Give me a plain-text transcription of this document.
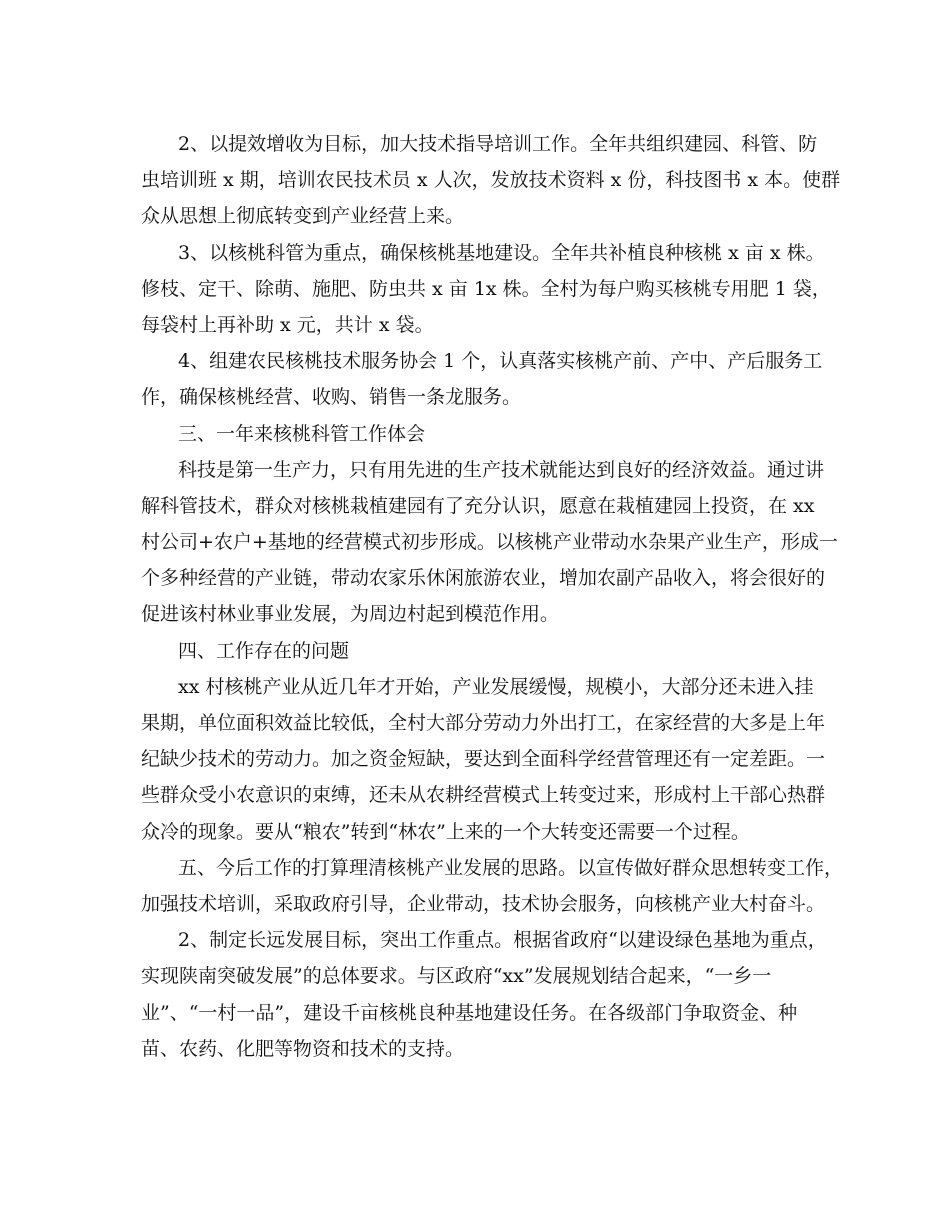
2、以提效增收为目标，加大技术指导培训工作。全年共组织建园、科管、防
虫培训班 x 期，培训农民技术员 x 人次，发放技术资料 x 份，科技图书 x 本。使群
众从思想上彻底转变到产业经营上来。
3、以核桃科管为重点，确保核桃基地建设。全年共补植良种核桃 x 亩 x 株。
修枝、定干、除萌、施肥、防虫共 x 亩 1x 株。全村为每户购买核桃专用肥 1 袋，
每袋村上再补助 x 元，共计 x 袋。
4、组建农民核桃技术服务协会 1 个，认真落实核桃产前、产中、产后服务工
作，确保核桃经营、收购、销售一条龙服务。
三、一年来核桃科管工作体会
科技是第一生产力，只有用先进的生产技术就能达到良好的经济效益。通过讲
解科管技术，群众对核桃栽植建园有了充分认识，愿意在栽植建园上投资，在 xx
村公司+农户+基地的经营模式初步形成。以核桃产业带动水杂果产业生产，形成一
个多种经营的产业链，带动农家乐休闲旅游农业，增加农副产品收入，将会很好的
促进该村林业事业发展，为周边村起到模范作用。
四、工作存在的问题
xx 村核桃产业从近几年才开始，产业发展缓慢，规模小，大部分还未进入挂
果期，单位面积效益比较低，全村大部分劳动力外出打工，在家经营的大多是上年
纪缺少技术的劳动力。加之资金短缺，要达到全面科学经营管理还有一定差距。一
些群众受小农意识的束缚，还未从农耕经营模式上转变过来，形成村上干部心热群
众冷的现象。要从“粮农”转到“林农”上来的一个大转变还需要一个过程。
五、今后工作的打算理清核桃产业发展的思路。以宣传做好群众思想转变工作，
加强技术培训，采取政府引导，企业带动，技术协会服务，向核桃产业大村奋斗。
2、制定长远发展目标，突出工作重点。根据省政府“以建设绿色基地为重点，
实现陕南突破发展”的总体要求。与区政府“xx”发展规划结合起来，“一乡一
业”、“一村一品”，建设千亩核桃良种基地建设任务。在各级部门争取资金、种
苗、农药、化肥等物资和技术的支持。
